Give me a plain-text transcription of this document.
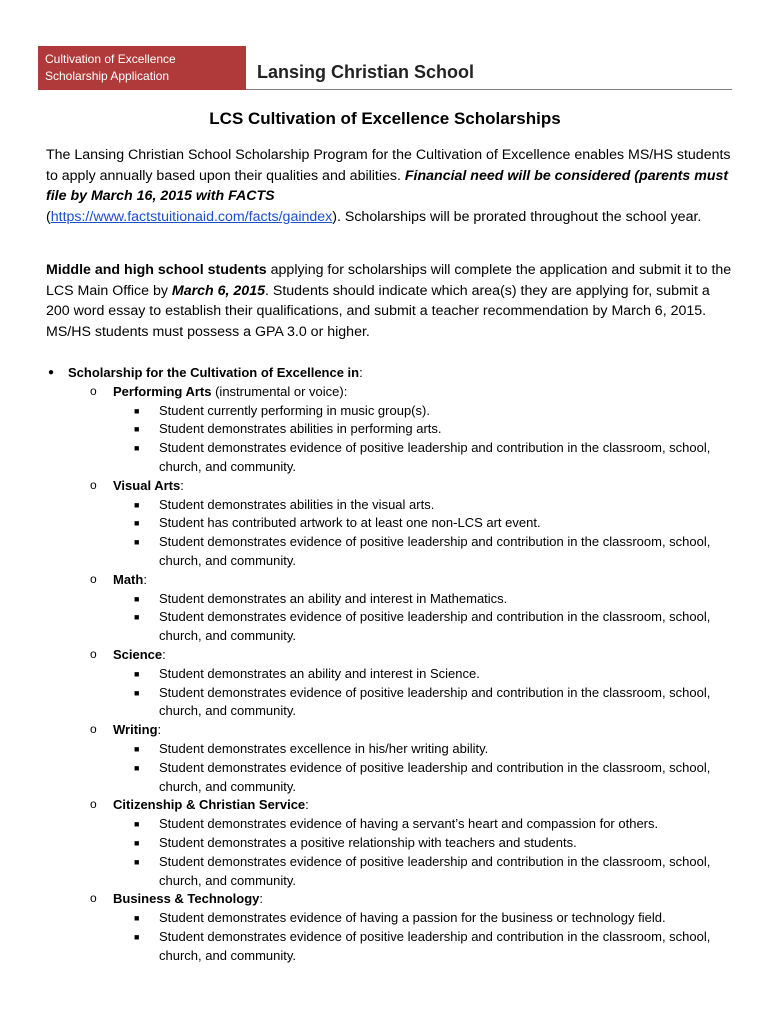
Cultivation of Excellence
Scholarship Application	Lansing Christian School
LCS Cultivation of Excellence Scholarships

The Lansing Christian School Scholarship Program for the Cultivation of Excellence enables MS/HS students to apply annually based upon their qualities and abilities. Financial need will be considered (parents must file by March 16, 2015 with FACTS
(https://www.factstuitionaid.com/facts/gaindex). Scholarships will be prorated throughout the school year.

Middle and high school students applying for scholarships will complete the application and submit it to the LCS Main Office by March 6, 2015. Students should indicate which area(s) they are applying for, submit a 200 word essay to establish their qualifications, and submit a teacher recommendation by March 6, 2015. MS/HS students must possess a GPA 3.0 or higher.

● Scholarship for the Cultivation of Excellence in:
o Performing Arts (instrumental or voice):
■ Student currently performing in music group(s).
■ Student demonstrates abilities in performing arts.
■ Student demonstrates evidence of positive leadership and contribution in the classroom, school, church, and community.
o Visual Arts:
■ Student demonstrates abilities in the visual arts.
■ Student has contributed artwork to at least one non-LCS art event.
■ Student demonstrates evidence of positive leadership and contribution in the classroom, school, church, and community.
o Math:
■ Student demonstrates an ability and interest in Mathematics.
■ Student demonstrates evidence of positive leadership and contribution in the classroom, school, church, and community.
o Science:
■ Student demonstrates an ability and interest in Science.
■ Student demonstrates evidence of positive leadership and contribution in the classroom, school, church, and community.
o Writing:
■ Student demonstrates excellence in his/her writing ability.
■ Student demonstrates evidence of positive leadership and contribution in the classroom, school, church, and community.
o Citizenship & Christian Service:
■ Student demonstrates evidence of having a servant’s heart and compassion for others.
■ Student demonstrates a positive relationship with teachers and students.
■ Student demonstrates evidence of positive leadership and contribution in the classroom, school, church, and community.
o Business & Technology:
■ Student demonstrates evidence of having a passion for the business or technology field.
■ Student demonstrates evidence of positive leadership and contribution in the classroom, school, church, and community.
